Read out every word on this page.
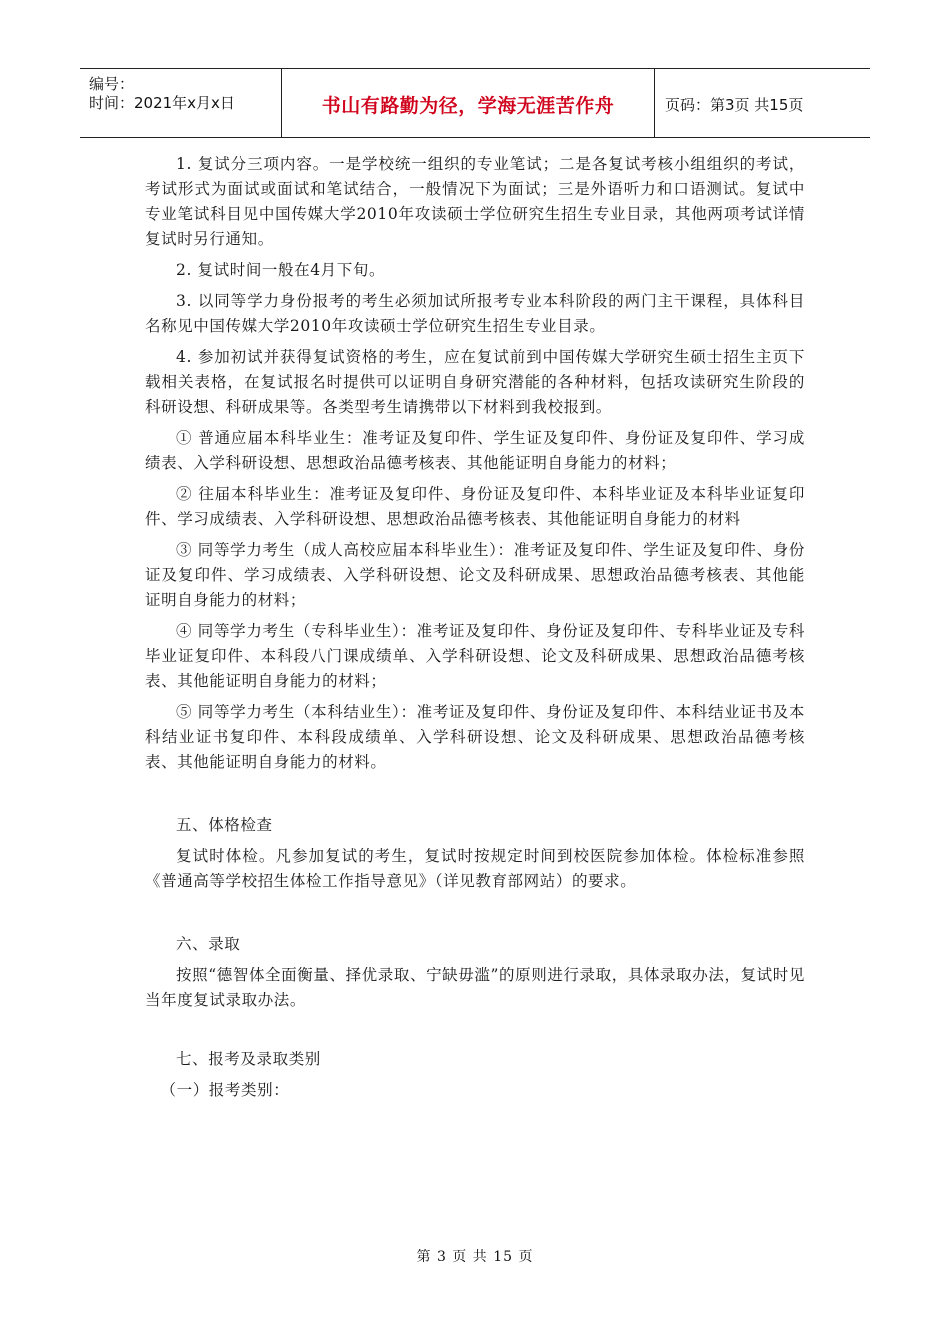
编号：
时间：2021年x月x日	书山有路勤为径，学海无涯苦作舟	页码：第3页 共15页

1. 复试分三项内容。一是学校统一组织的专业笔试；二是各复试考核小组组织的考试，考试形式为面试或面试和笔试结合，一般情况下为面试；三是外语听力和口语测试。复试中专业笔试科目见中国传媒大学2010年攻读硕士学位研究生招生专业目录，其他两项考试详情复试时另行通知。

2. 复试时间一般在4月下旬。

3. 以同等学力身份报考的考生必须加试所报考专业本科阶段的两门主干课程，具体科目名称见中国传媒大学2010年攻读硕士学位研究生招生专业目录。

4. 参加初试并获得复试资格的考生，应在复试前到中国传媒大学研究生硕士招生主页下载相关表格，在复试报名时提供可以证明自身研究潜能的各种材料，包括攻读研究生阶段的科研设想、科研成果等。各类型考生请携带以下材料到我校报到。

① 普通应届本科毕业生：准考证及复印件、学生证及复印件、身份证及复印件、学习成绩表、入学科研设想、思想政治品德考核表、其他能证明自身能力的材料；

② 往届本科毕业生：准考证及复印件、身份证及复印件、本科毕业证及本科毕业证复印件、学习成绩表、入学科研设想、思想政治品德考核表、其他能证明自身能力的材料

③ 同等学力考生（成人高校应届本科毕业生）：准考证及复印件、学生证及复印件、身份证及复印件、学习成绩表、入学科研设想、论文及科研成果、思想政治品德考核表、其他能证明自身能力的材料；

④ 同等学力考生（专科毕业生）：准考证及复印件、身份证及复印件、专科毕业证及专科毕业证复印件、本科段八门课成绩单、入学科研设想、论文及科研成果、思想政治品德考核表、其他能证明自身能力的材料；

⑤ 同等学力考生（本科结业生）：准考证及复印件、身份证及复印件、本科结业证书及本科结业证书复印件、本科段成绩单、入学科研设想、论文及科研成果、思想政治品德考核表、其他能证明自身能力的材料。

五、体格检查

复试时体检。凡参加复试的考生，复试时按规定时间到校医院参加体检。体检标准参照《普通高等学校招生体检工作指导意见》（详见教育部网站）的要求。

六、录取

按照“德智体全面衡量、择优录取、宁缺毋滥”的原则进行录取，具体录取办法，复试时见当年度复试录取办法。

七、报考及录取类别

（一）报考类别：

第 3 页 共 15 页
